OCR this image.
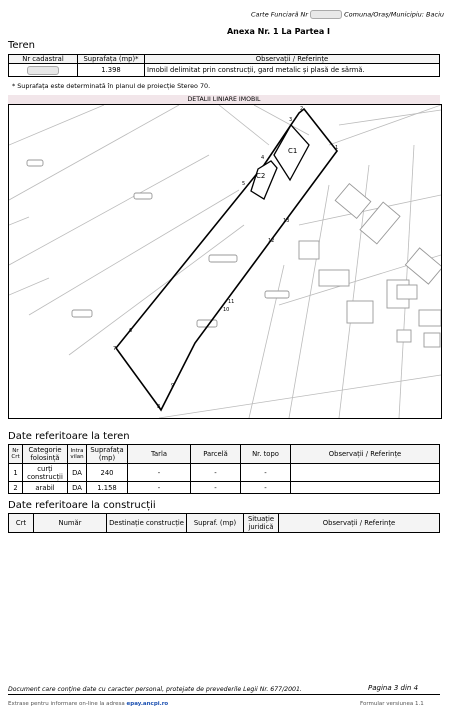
Carte Funciară Nr	Comuna/Oraș/Municipiu: Baciu
Anexa Nr. 1 La Partea I
Teren
Nr cadastral	Suprafața (mp)*	Observații / Referințe
	1.398	Imobil delimitat prin construcții, gard metalic și plasă de sârmă.
* Suprafața este determinată în planul de proiecție Stereo 70.
DETALII LINIARE IMOBIL
C1
C2
1
2
3
4
5
6
7
8
9
10
11
12
13
Date referitoare la teren
Nr Crt	Categorie folosință	Intra vilan	Suprafața (mp)	Tarla	Parcelă	Nr. topo	Observații / Referințe
1	curți construcții	DA	240	-	-	-	
2	arabil	DA	1.158	-	-	-	
Date referitoare la construcții
Crt	Număr	Destinație construcție	Supraf. (mp)	Situație juridică	Observații / Referințe
Document care conține date cu caracter personal, protejate de prevederile Legii Nr. 677/2001.	Pagina 3 din 4
Extrase pentru informare on-line la adresa epay.ancpi.ro	Formular versiunea 1.1
